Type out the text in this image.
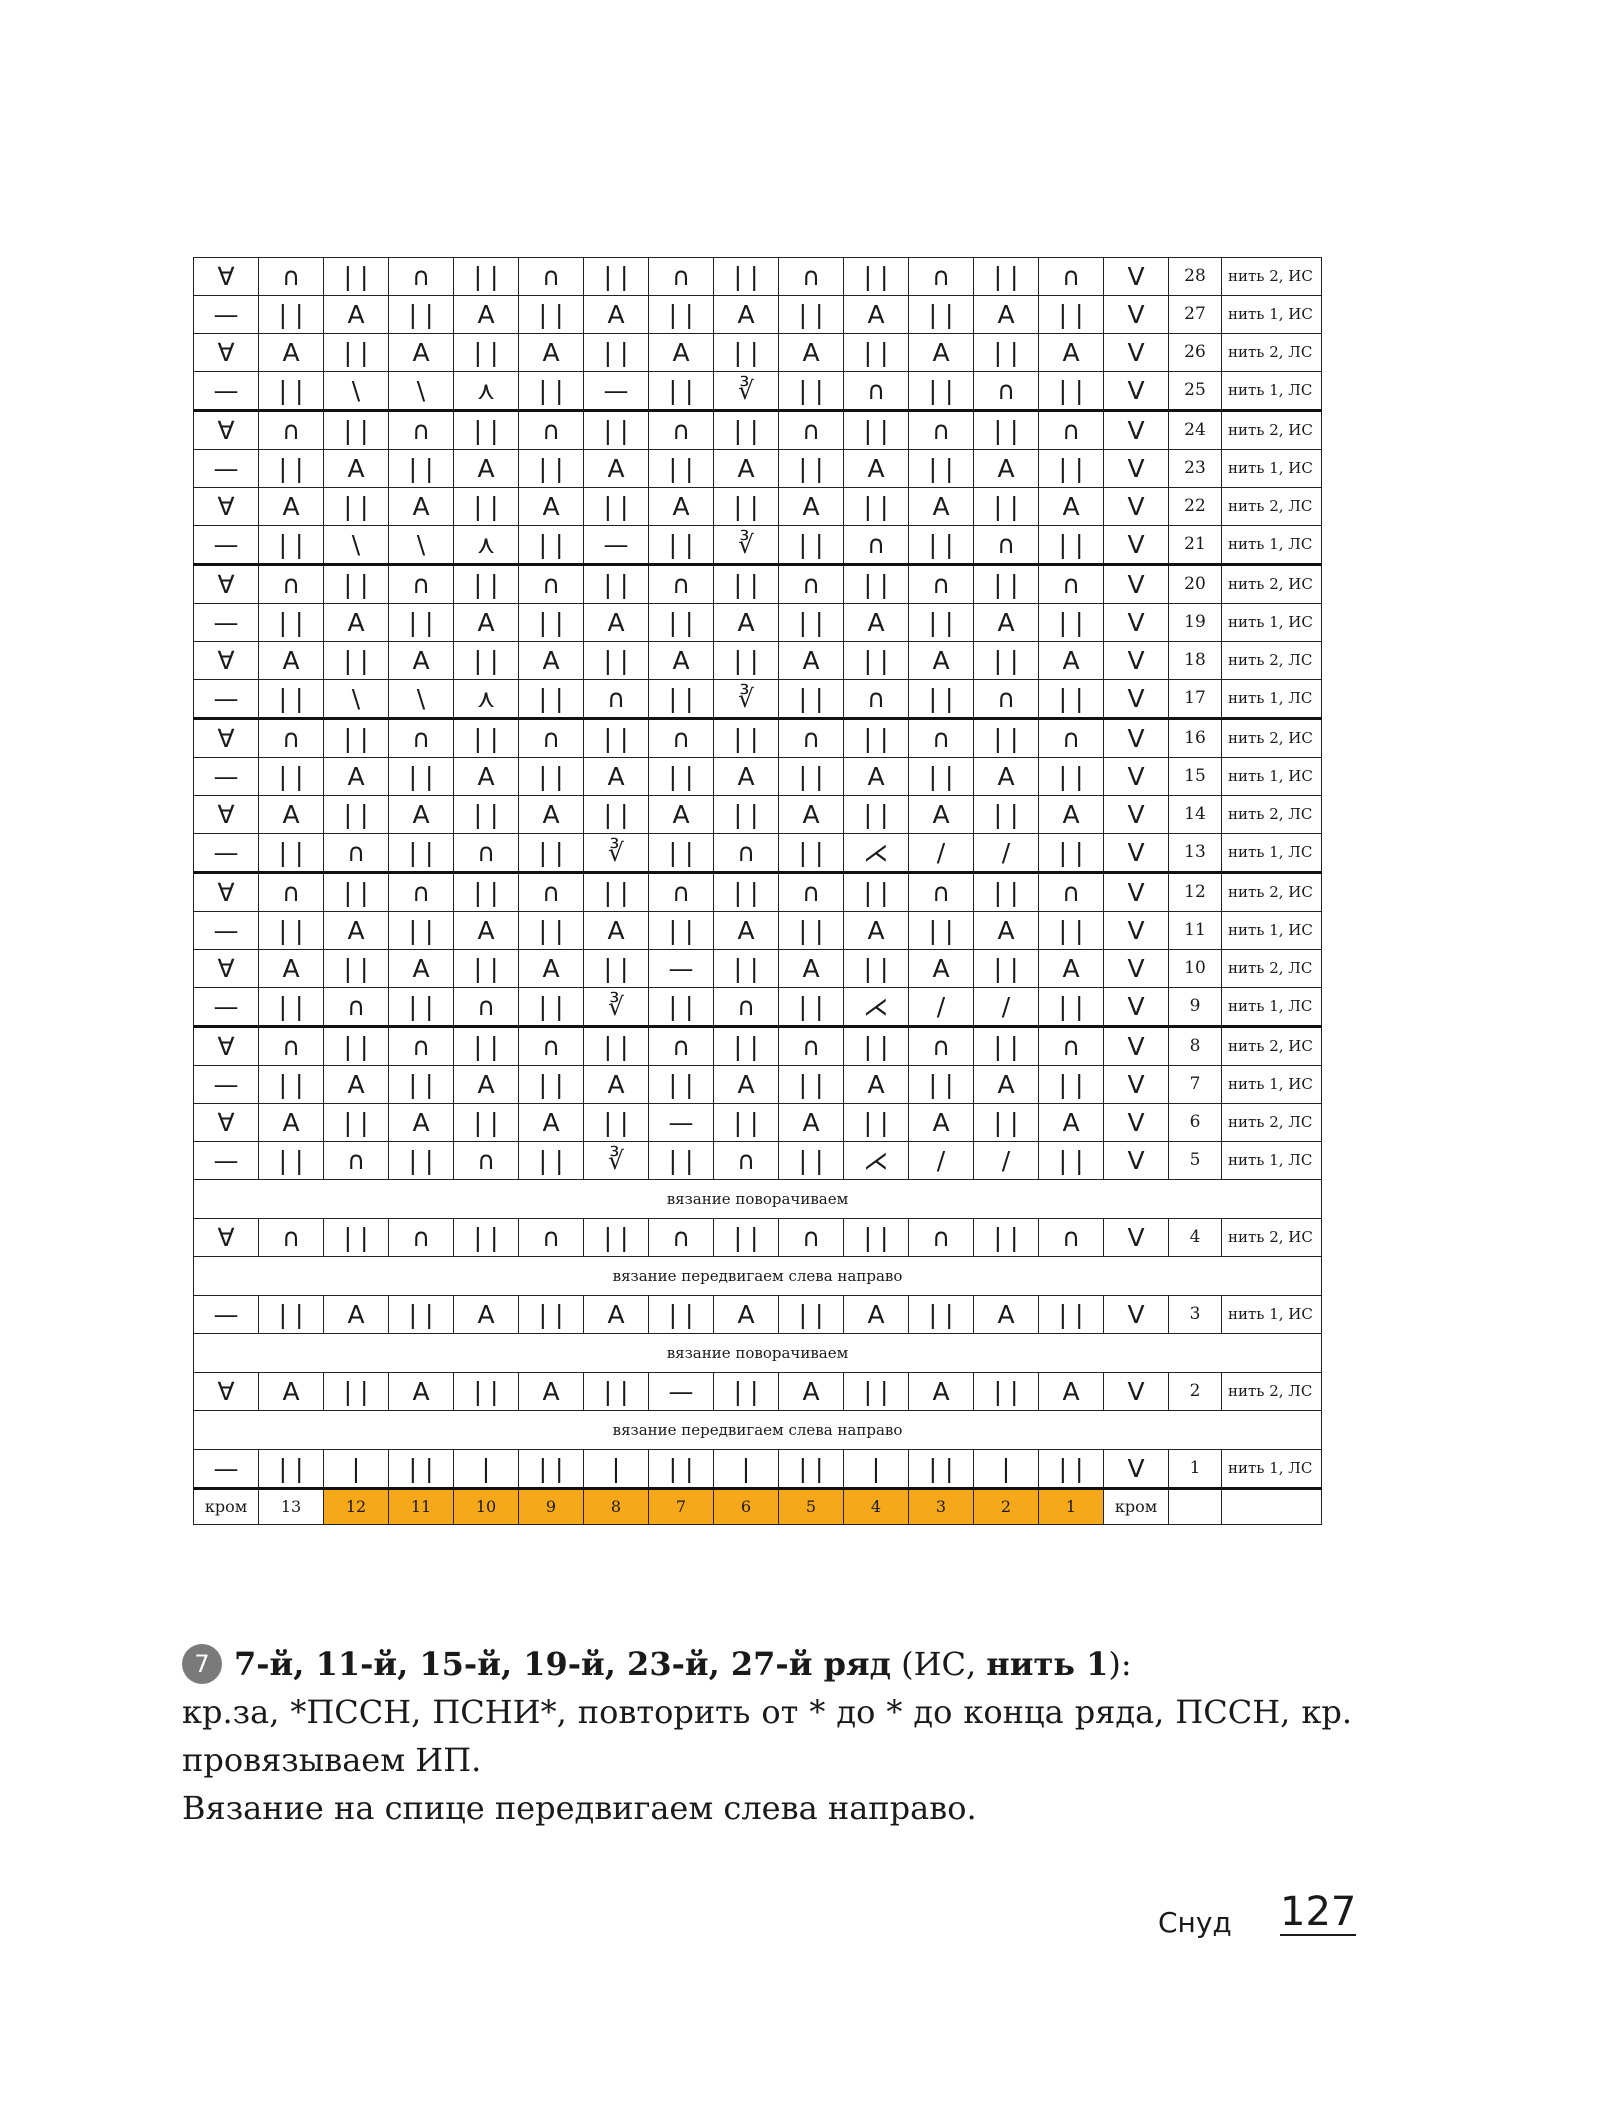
∀	∩	| |	∩	| |	∩	| |	∩	| |	∩	| |	∩	| |	∩	V	28	нить 2, ИС
—	| |	A	| |	A	| |	A	| |	A	| |	A	| |	A	| |	V	27	нить 1, ИС
∀	A	| |	A	| |	A	| |	A	| |	A	| |	A	| |	A	V	26	нить 2, ЛС
—	| |	\	\	⋏	| |	—	| |	∛	| |	∩	| |	∩	| |	V	25	нить 1, ЛС
∀	∩	| |	∩	| |	∩	| |	∩	| |	∩	| |	∩	| |	∩	V	24	нить 2, ИС
—	| |	A	| |	A	| |	A	| |	A	| |	A	| |	A	| |	V	23	нить 1, ИС
∀	A	| |	A	| |	A	| |	A	| |	A	| |	A	| |	A	V	22	нить 2, ЛС
—	| |	\	\	⋏	| |	—	| |	∛	| |	∩	| |	∩	| |	V	21	нить 1, ЛС
∀	∩	| |	∩	| |	∩	| |	∩	| |	∩	| |	∩	| |	∩	V	20	нить 2, ИС
—	| |	A	| |	A	| |	A	| |	A	| |	A	| |	A	| |	V	19	нить 1, ИС
∀	A	| |	A	| |	A	| |	A	| |	A	| |	A	| |	A	V	18	нить 2, ЛС
—	| |	\	\	⋏	| |	∩	| |	∛	| |	∩	| |	∩	| |	V	17	нить 1, ЛС
∀	∩	| |	∩	| |	∩	| |	∩	| |	∩	| |	∩	| |	∩	V	16	нить 2, ИС
—	| |	A	| |	A	| |	A	| |	A	| |	A	| |	A	| |	V	15	нить 1, ИС
∀	A	| |	A	| |	A	| |	A	| |	A	| |	A	| |	A	V	14	нить 2, ЛС
—	| |	∩	| |	∩	| |	∛	| |	∩	| |	⋌	/	/	| |	V	13	нить 1, ЛС
∀	∩	| |	∩	| |	∩	| |	∩	| |	∩	| |	∩	| |	∩	V	12	нить 2, ИС
—	| |	A	| |	A	| |	A	| |	A	| |	A	| |	A	| |	V	11	нить 1, ИС
∀	A	| |	A	| |	A	| |	—	| |	A	| |	A	| |	A	V	10	нить 2, ЛС
—	| |	∩	| |	∩	| |	∛	| |	∩	| |	⋌	/	/	| |	V	9	нить 1, ЛС
∀	∩	| |	∩	| |	∩	| |	∩	| |	∩	| |	∩	| |	∩	V	8	нить 2, ИС
—	| |	A	| |	A	| |	A	| |	A	| |	A	| |	A	| |	V	7	нить 1, ИС
∀	A	| |	A	| |	A	| |	—	| |	A	| |	A	| |	A	V	6	нить 2, ЛС
—	| |	∩	| |	∩	| |	∛	| |	∩	| |	⋌	/	/	| |	V	5	нить 1, ЛС
вязание поворачиваем																
∀	∩	| |	∩	| |	∩	| |	∩	| |	∩	| |	∩	| |	∩	V	4	нить 2, ИС
вязание передвигаем слева направо																
—	| |	A	| |	A	| |	A	| |	A	| |	A	| |	A	| |	V	3	нить 1, ИС
вязание поворачиваем																
∀	A	| |	A	| |	A	| |	—	| |	A	| |	A	| |	A	V	2	нить 2, ЛС
вязание передвигаем слева направо																
—	| |	|	| |	|	| |	|	| |	|	| |	|	| |	|	| |	V	1	нить 1, ЛС
кром	13	12	11	10	9	8	7	6	5	4	3	2	1	кром		

7 7-й, 11-й, 15-й, 19-й, 23-й, 27-й ряд (ИС, нить 1):

кр.за, *ПССН, ПСНИ*, повторить от * до * до конца ряда, ПССН, кр. провязываем ИП.

Вязание на спице передвигаем слева направо.

Снуд 127
